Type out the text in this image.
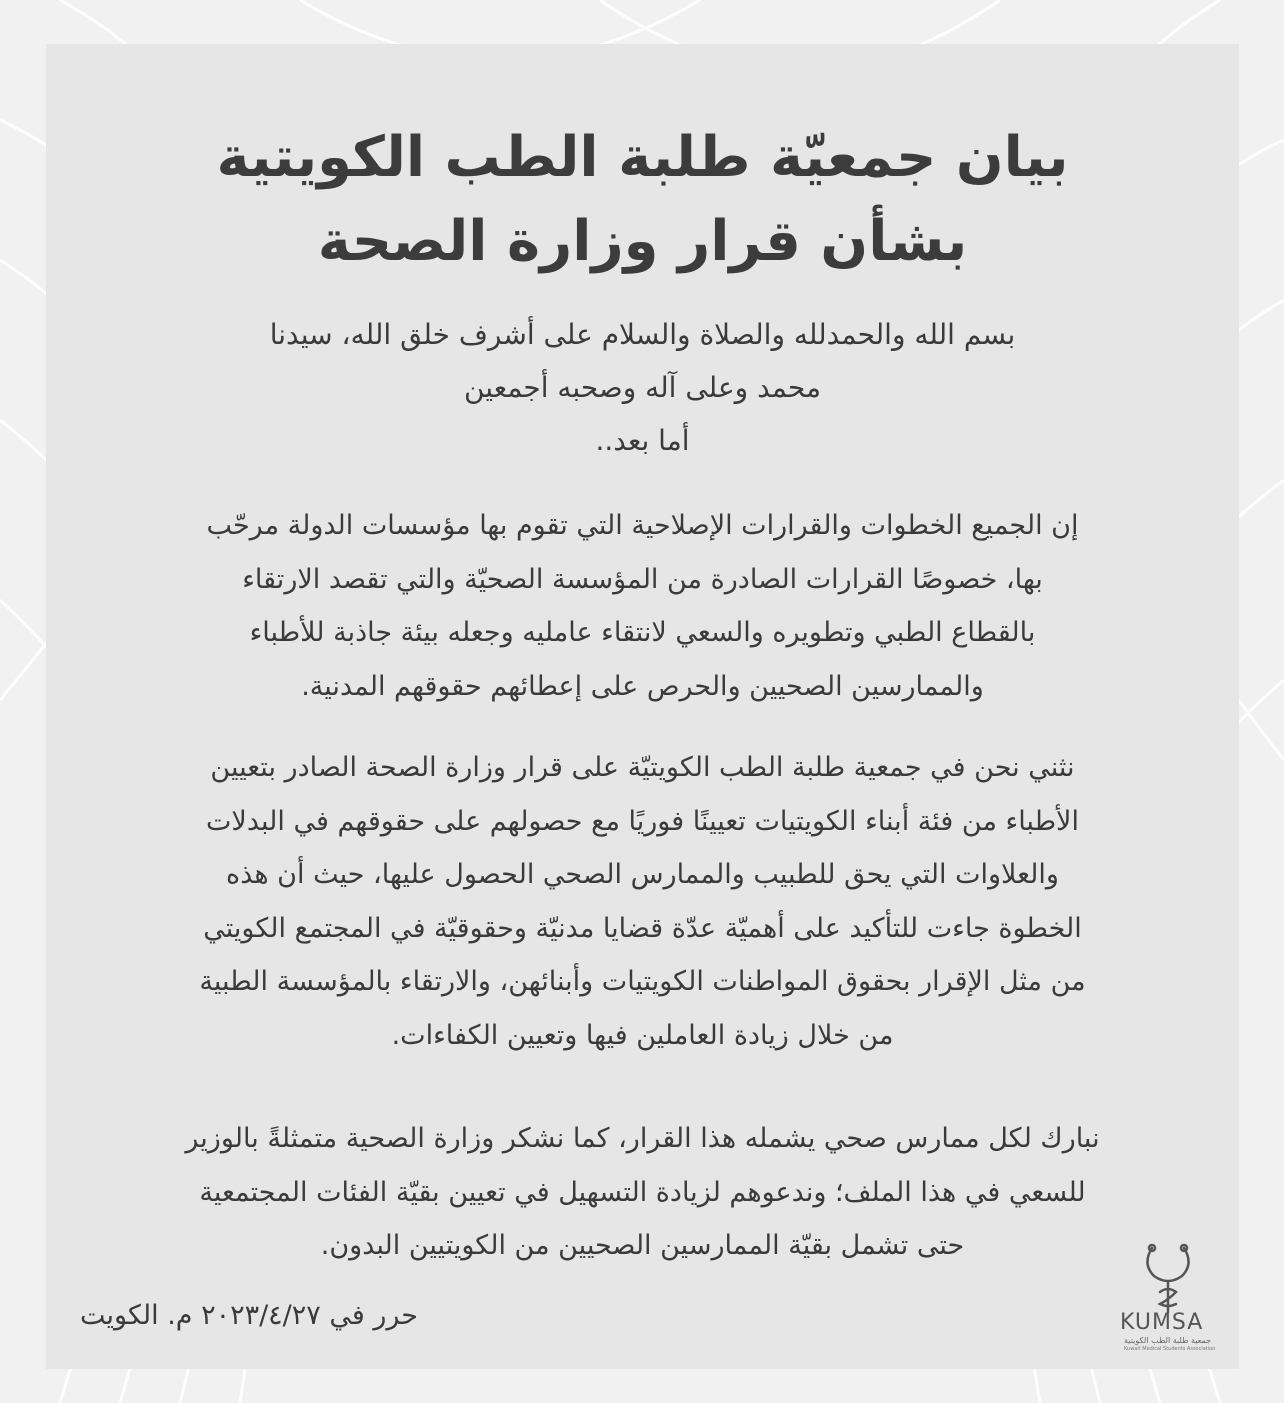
بيان جمعيّة طلبة الطب الكويتية
بشأن قرار وزارة الصحة

بسم الله والحمدلله والصلاة والسلام على أشرف خلق الله، سيدنا
محمد وعلى آله وصحبه أجمعين
أما بعد..

إن الجميع الخطوات والقرارات الإصلاحية التي تقوم بها مؤسسات الدولة مرحّب
بها، خصوصًا القرارات الصادرة من المؤسسة الصحيّة والتي تقصد الارتقاء
بالقطاع الطبي وتطويره والسعي لانتقاء عامليه وجعله بيئة جاذبة للأطباء
والممارسين الصحيين والحرص على إعطائهم حقوقهم المدنية.

نثني نحن في جمعية طلبة الطب الكويتيّة على قرار وزارة الصحة الصادر بتعيين
الأطباء من فئة أبناء الكويتيات تعيينًا فوريًا مع حصولهم على حقوقهم في البدلات
والعلاوات التي يحق للطبيب والممارس الصحي الحصول عليها، حيث أن هذه
الخطوة جاءت للتأكيد على أهميّة عدّة قضايا مدنيّة وحقوقيّة في المجتمع الكويتي
من مثل الإقرار بحقوق المواطنات الكويتيات وأبنائهن، والارتقاء بالمؤسسة الطبية
من خلال زيادة العاملين فيها وتعيين الكفاءات.

نبارك لكل ممارس صحي يشمله هذا القرار، كما نشكر وزارة الصحية متمثلةً بالوزير
للسعي في هذا الملف؛ وندعوهم لزيادة التسهيل في تعيين بقيّة الفئات المجتمعية
حتى تشمل بقيّة الممارسين الصحيين من الكويتيين البدون.

حرر في ٢٠٢٣/٤/٢٧ م. الكويت	KUMSA
جمعية طلبة الطب الكويتية
Kuwait Medical Students Association
